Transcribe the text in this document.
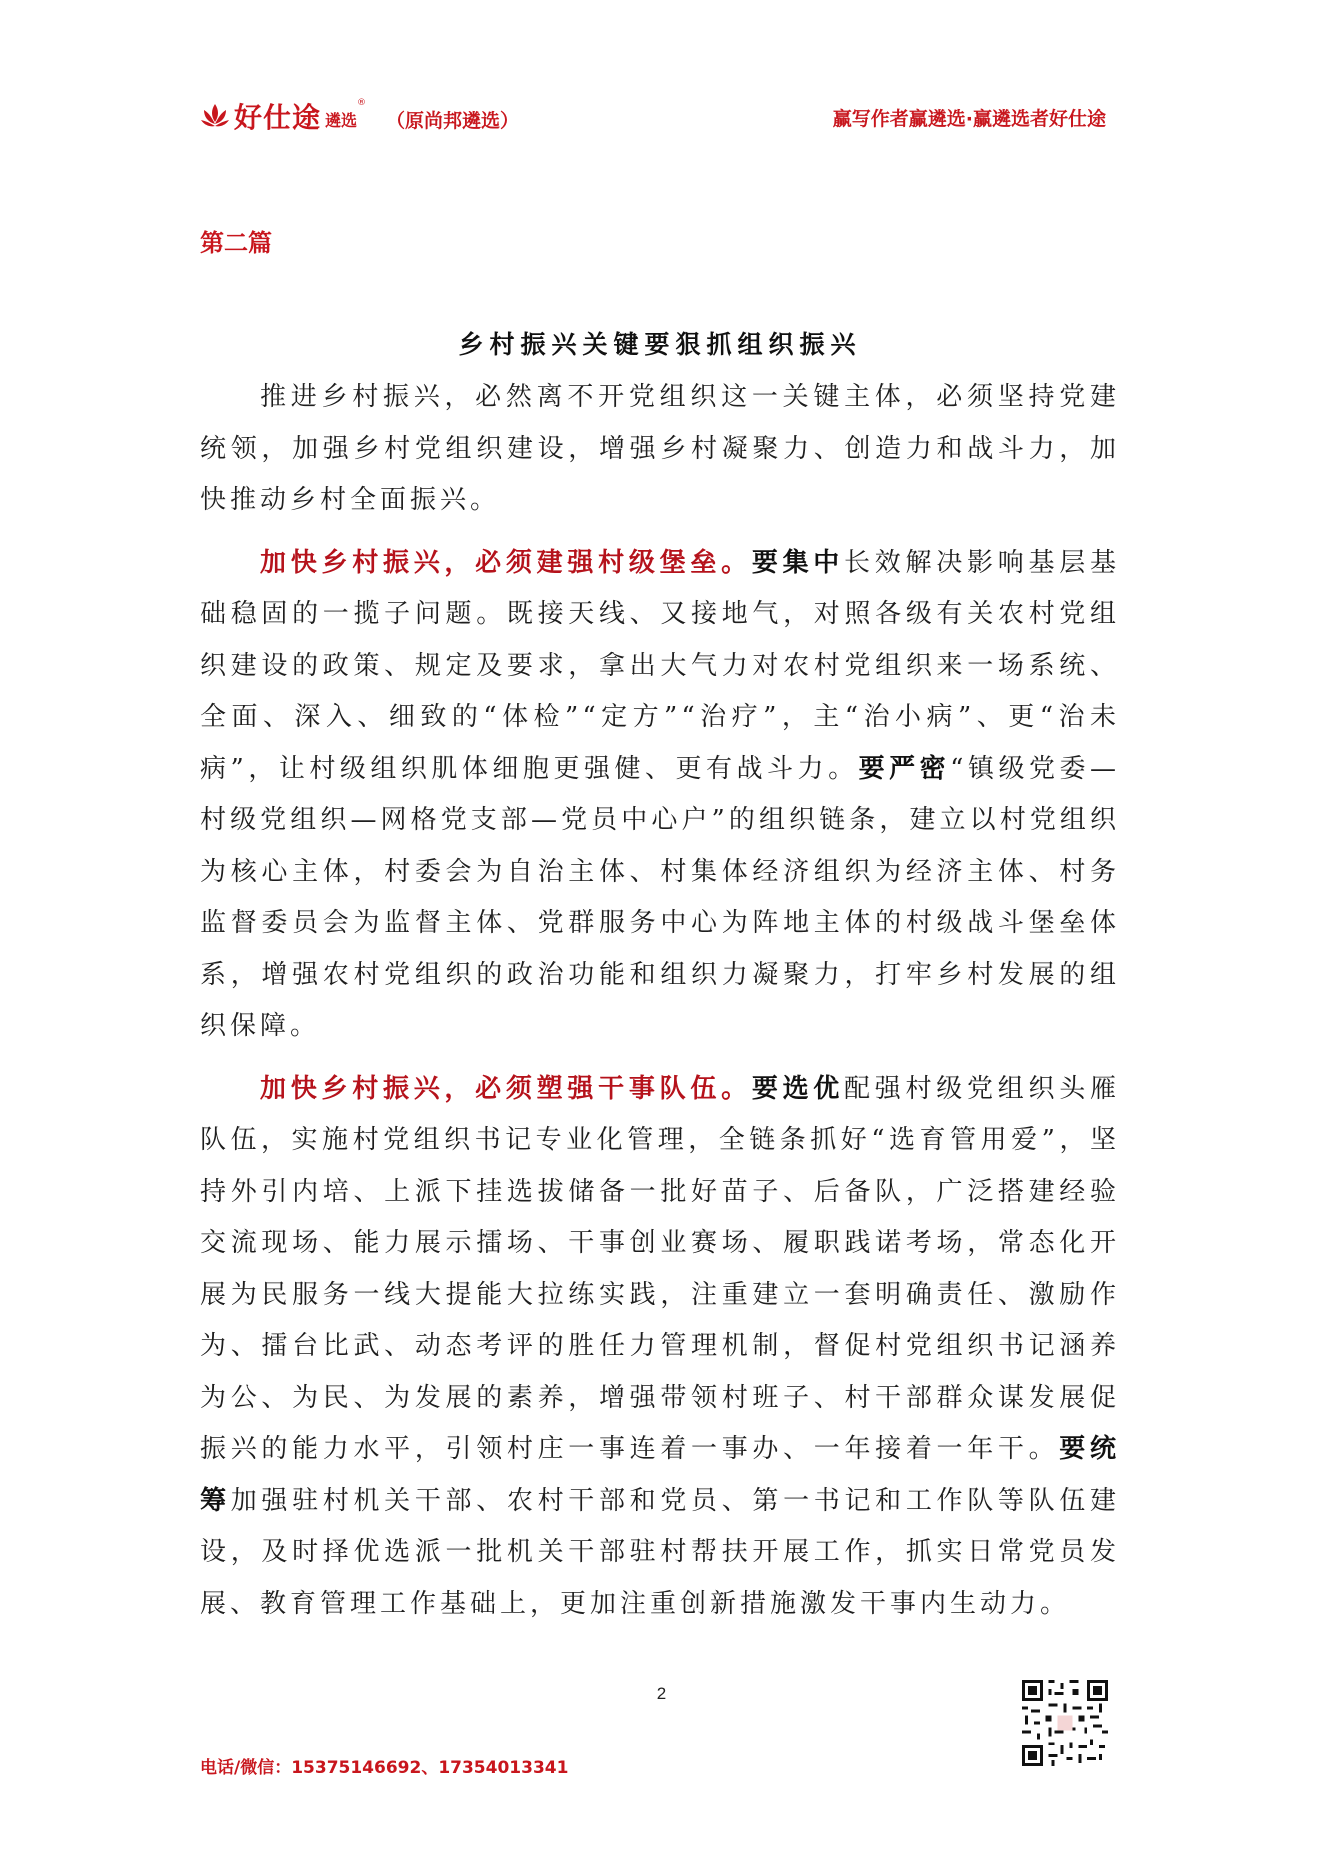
好仕途 遴选
®
（原尚邦遴选）	赢写作者赢遴选·赢遴选者好仕途
第二篇
乡村振兴关键要狠抓组织振兴

推进乡村振兴，必然离不开党组织这一关键主体，必须坚持党建统领，加强乡村党组织建设，增强乡村凝聚力、创造力和战斗力，加快推动乡村全面振兴。

加快乡村振兴，必须建强村级堡垒。要集中长效解决影响基层基础稳固的一揽子问题。既接天线、又接地气，对照各级有关农村党组织建设的政策、规定及要求，拿出大气力对农村党组织来一场系统、全面、深入、细致的“体检”“定方”“治疗”，主“治小病”、更“治未病”，让村级组织肌体细胞更强健、更有战斗力。要严密“镇级党委—村级党组织—网格党支部—党员中心户”的组织链条，建立以村党组织为核心主体，村委会为自治主体、村集体经济组织为经济主体、村务监督委员会为监督主体、党群服务中心为阵地主体的村级战斗堡垒体系，增强农村党组织的政治功能和组织力凝聚力，打牢乡村发展的组织保障。

加快乡村振兴，必须塑强干事队伍。要选优配强村级党组织头雁队伍，实施村党组织书记专业化管理，全链条抓好“选育管用爱”，坚持外引内培、上派下挂选拔储备一批好苗子、后备队，广泛搭建经验交流现场、能力展示擂场、干事创业赛场、履职践诺考场，常态化开展为民服务一线大提能大拉练实践，注重建立一套明确责任、激励作为、擂台比武、动态考评的胜任力管理机制，督促村党组织书记涵养为公、为民、为发展的素养，增强带领村班子、村干部群众谋发展促振兴的能力水平，引领村庄一事连着一事办、一年接着一年干。要统筹加强驻村机关干部、农村干部和党员、第一书记和工作队等队伍建设，及时择优选派一批机关干部驻村帮扶开展工作，抓实日常党员发展、教育管理工作基础上，更加注重创新措施激发干事内生动力。

2
电话/微信：15375146692、17354013341
